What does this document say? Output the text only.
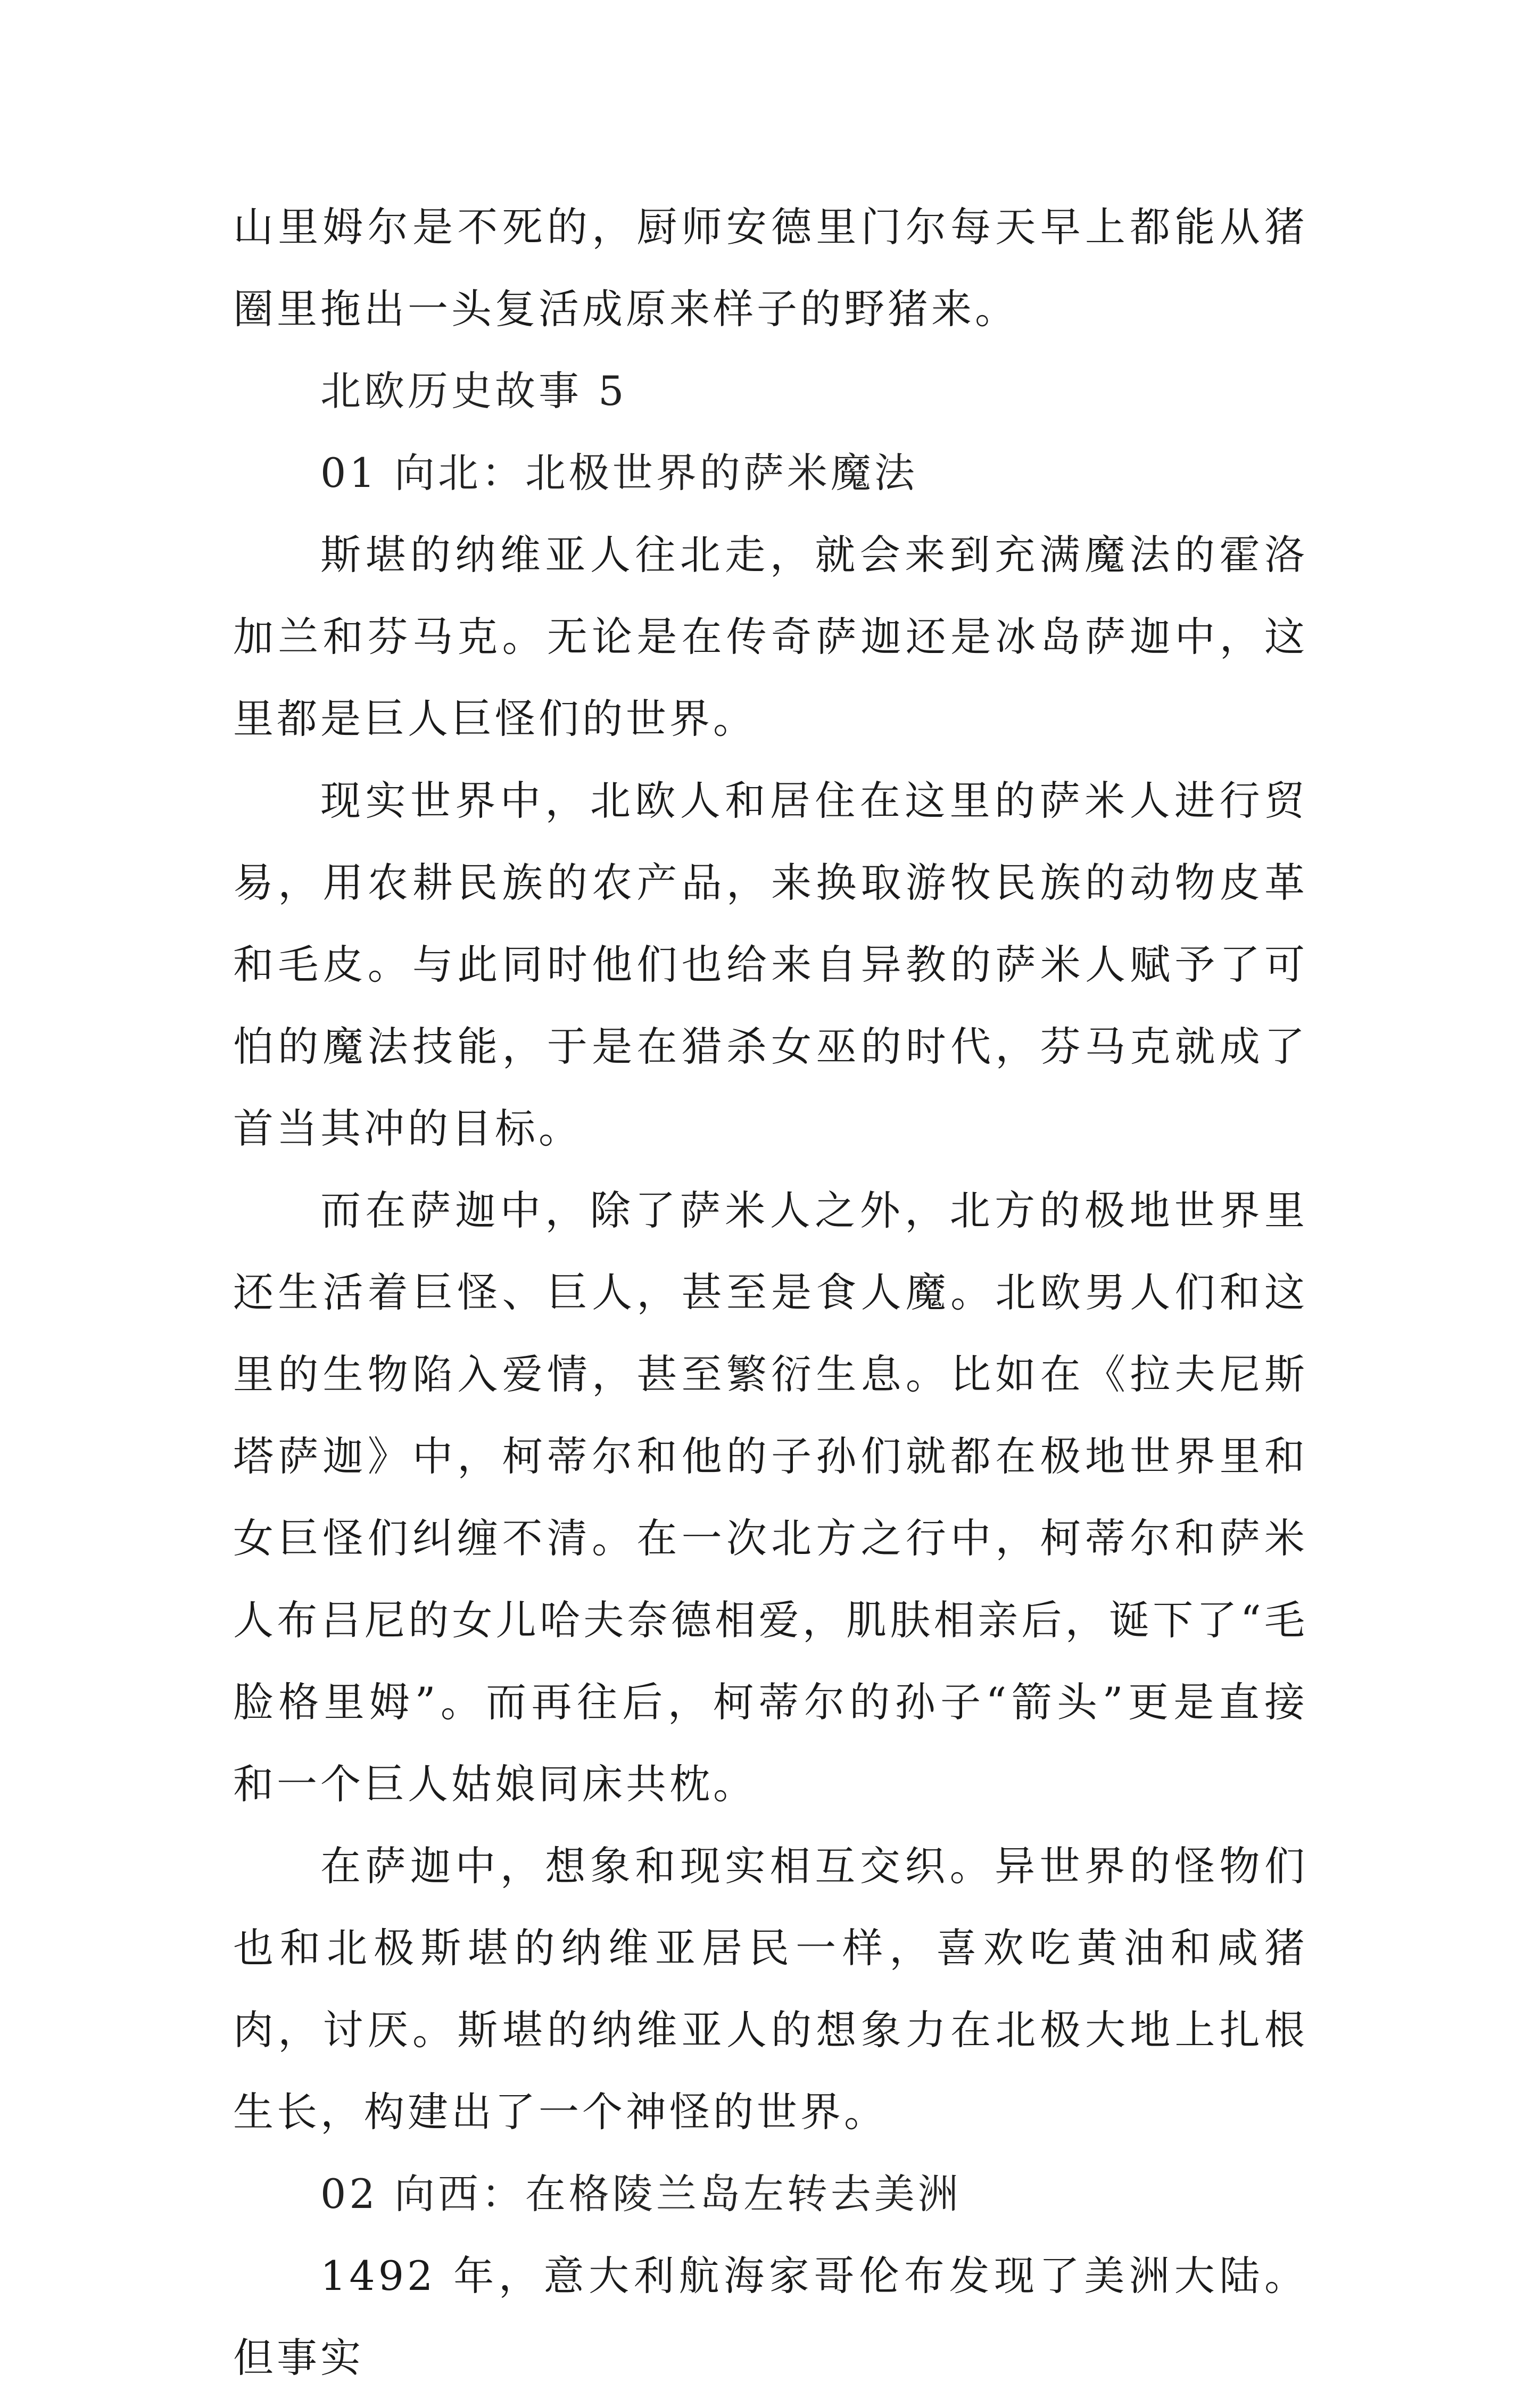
山里姆尔是不死的，厨师安德里门尔每天早上都能从猪圈里拖出一头复活成原来样子的野猪来。

北欧历史故事 5

01 向北：北极世界的萨米魔法

斯堪的纳维亚人往北走，就会来到充满魔法的霍洛加兰和芬马克。无论是在传奇萨迦还是冰岛萨迦中，这里都是巨人巨怪们的世界。

现实世界中，北欧人和居住在这里的萨米人进行贸易，用农耕民族的农产品，来换取游牧民族的动物皮革和毛皮。与此同时他们也给来自异教的萨米人赋予了可怕的魔法技能，于是在猎杀女巫的时代，芬马克就成了首当其冲的目标。

而在萨迦中，除了萨米人之外，北方的极地世界里还生活着巨怪、巨人，甚至是食人魔。北欧男人们和这里的生物陷入爱情，甚至繁衍生息。比如在《拉夫尼斯塔萨迦》中，柯蒂尔和他的子孙们就都在极地世界里和女巨怪们纠缠不清。在一次北方之行中，柯蒂尔和萨米人布吕尼的女儿哈夫奈德相爱，肌肤相亲后，诞下了“毛脸格里姆”。而再往后，柯蒂尔的孙子“箭头”更是直接和一个巨人姑娘同床共枕。

在萨迦中，想象和现实相互交织。异世界的怪物们也和北极斯堪的纳维亚居民一样，喜欢吃黄油和咸猪肉，讨厌。斯堪的纳维亚人的想象力在北极大地上扎根生长，构建出了一个神怪的世界。

02 向西：在格陵兰岛左转去美洲

1492 年，意大利航海家哥伦布发现了美洲大陆。但事实
